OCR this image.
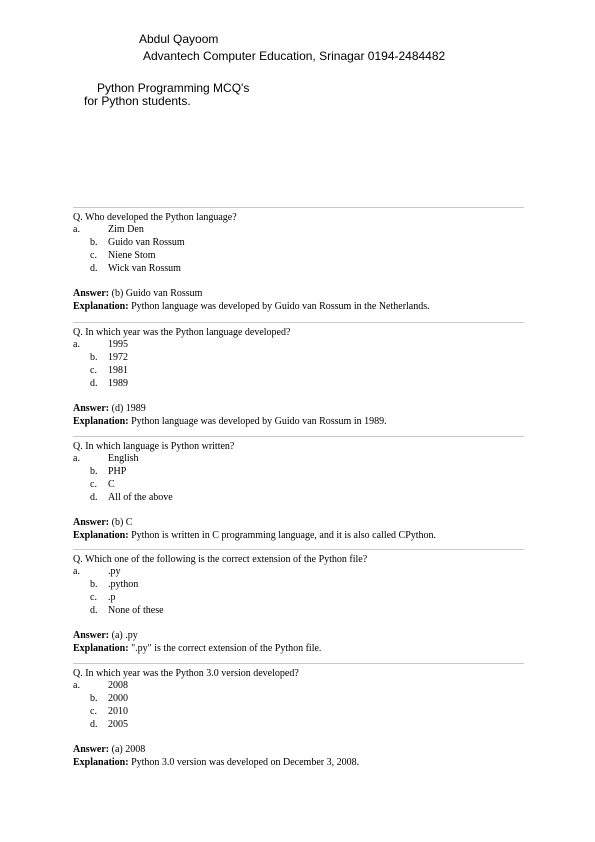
Abdul Qayoom
Advantech Computer Education, Srinagar 0194-2484482
Python Programming MCQ's
for Python students.
Q. Who developed the Python language?
a.	Zim Den
b. Guido van Rossum
c. Niene Stom
d. Wick van Rossum
Answer: (b) Guido van Rossum
Explanation: Python language was developed by Guido van Rossum in the Netherlands.
Q. In which year was the Python language developed?
a.	1995
b. 1972
c. 1981
d. 1989
Answer: (d) 1989
Explanation: Python language was developed by Guido van Rossum in 1989.
Q. In which language is Python written?
a.	English
b. PHP
c. C
d. All of the above
Answer: (b) C
Explanation: Python is written in C programming language, and it is also called CPython.
Q. Which one of the following is the correct extension of the Python file?
a.	.py
b. .python
c. .p
d. None of these
Answer: (a) .py
Explanation: ".py" is the correct extension of the Python file.
Q. In which year was the Python 3.0 version developed?
a.	2008
b. 2000
c. 2010
d. 2005
Answer: (a) 2008
Explanation: Python 3.0 version was developed on December 3, 2008.
